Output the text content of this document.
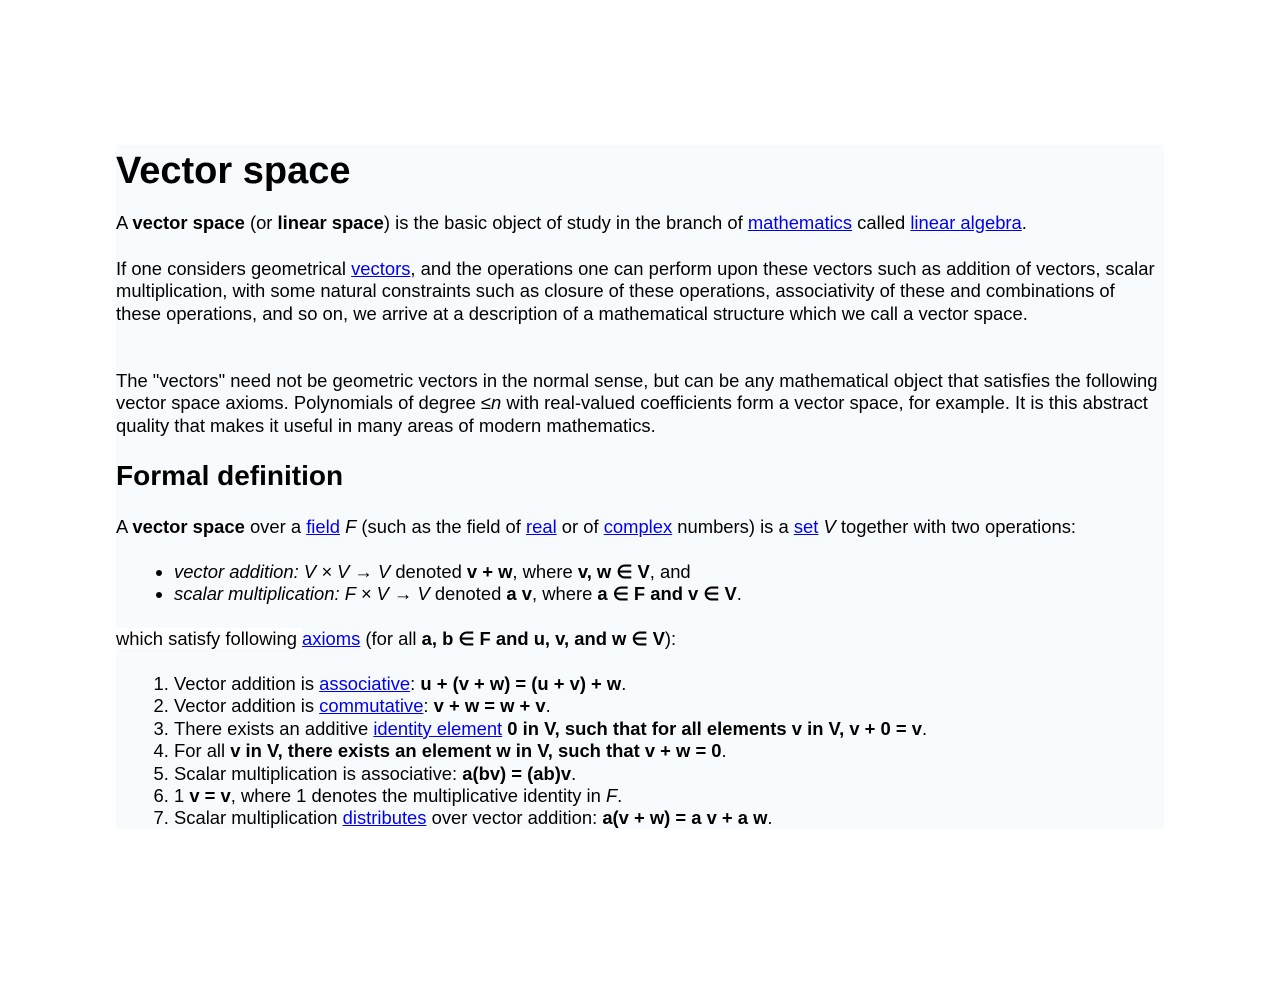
Vector space

A vector space (or linear space) is the basic object of study in the branch of mathematics called linear algebra.

If one considers geometrical vectors, and the operations one can perform upon these vectors such as addition of vectors, scalar multiplication, with some natural constraints such as closure of these operations, associativity of these and combinations of these operations, and so on, we arrive at a description of a mathematical structure which we call a vector space.

The "vectors" need not be geometric vectors in the normal sense, but can be any mathematical object that satisfies the following vector space axioms. Polynomials of degree ≤n with real-valued coefficients form a vector space, for example. It is this abstract quality that makes it useful in many areas of modern mathematics.

Formal definition

A vector space over a field F (such as the field of real or of complex numbers) is a set V together with two operations:

• vector addition: V × V → V denoted v + w, where v, w ∈ V, and
• scalar multiplication: F × V → V denoted a v, where a ∈ F and v ∈ V.

which satisfy following axioms (for all a, b ∈ F and u, v, and w ∈ V):

1. Vector addition is associative: u + (v + w) = (u + v) + w.
2. Vector addition is commutative: v + w = w + v.
3. There exists an additive identity element 0 in V, such that for all elements v in V, v + 0 = v.
4. For all v in V, there exists an element w in V, such that v + w = 0.
5. Scalar multiplication is associative: a(bv) = (ab)v.
6. 1 v = v, where 1 denotes the multiplicative identity in F.
7. Scalar multiplication distributes over vector addition: a(v + w) = a v + a w.
